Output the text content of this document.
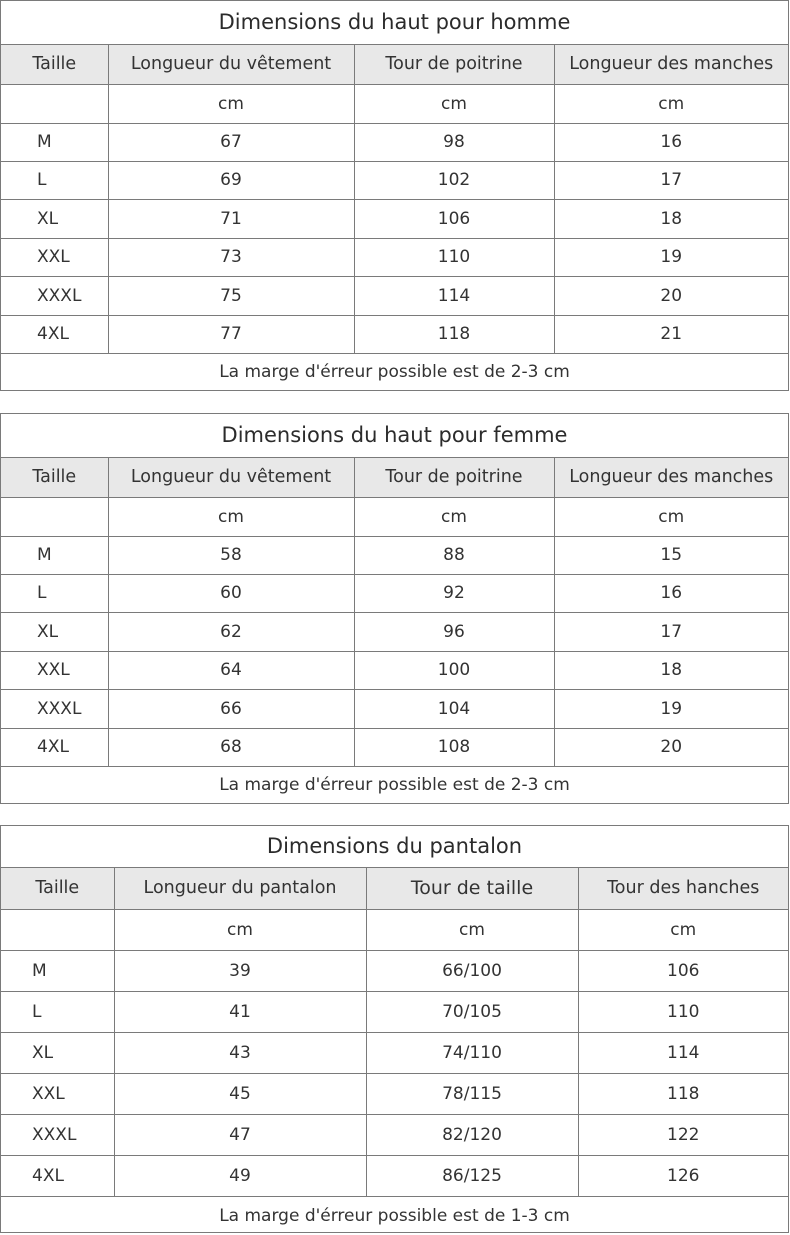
Dimensions du haut pour homme
Taille	Longueur du vêtement	Tour de poitrine	Longueur des manches
	cm	cm	cm
M	67	98	16
L	69	102	17
XL	71	106	18
XXL	73	110	19
XXXL	75	114	20
4XL	77	118	21
La marge d'érreur possible est de 2-3 cm
Dimensions du haut pour femme
Taille	Longueur du vêtement	Tour de poitrine	Longueur des manches
	cm	cm	cm
M	58	88	15
L	60	92	16
XL	62	96	17
XXL	64	100	18
XXXL	66	104	19
4XL	68	108	20
La marge d'érreur possible est de 2-3 cm
Dimensions du pantalon
Taille	Longueur du pantalon	Tour de taille	Tour des hanches
	cm	cm	cm
M	39	66/100	106
L	41	70/105	110
XL	43	74/110	114
XXL	45	78/115	118
XXXL	47	82/120	122
4XL	49	86/125	126
La marge d'érreur possible est de 1-3 cm
